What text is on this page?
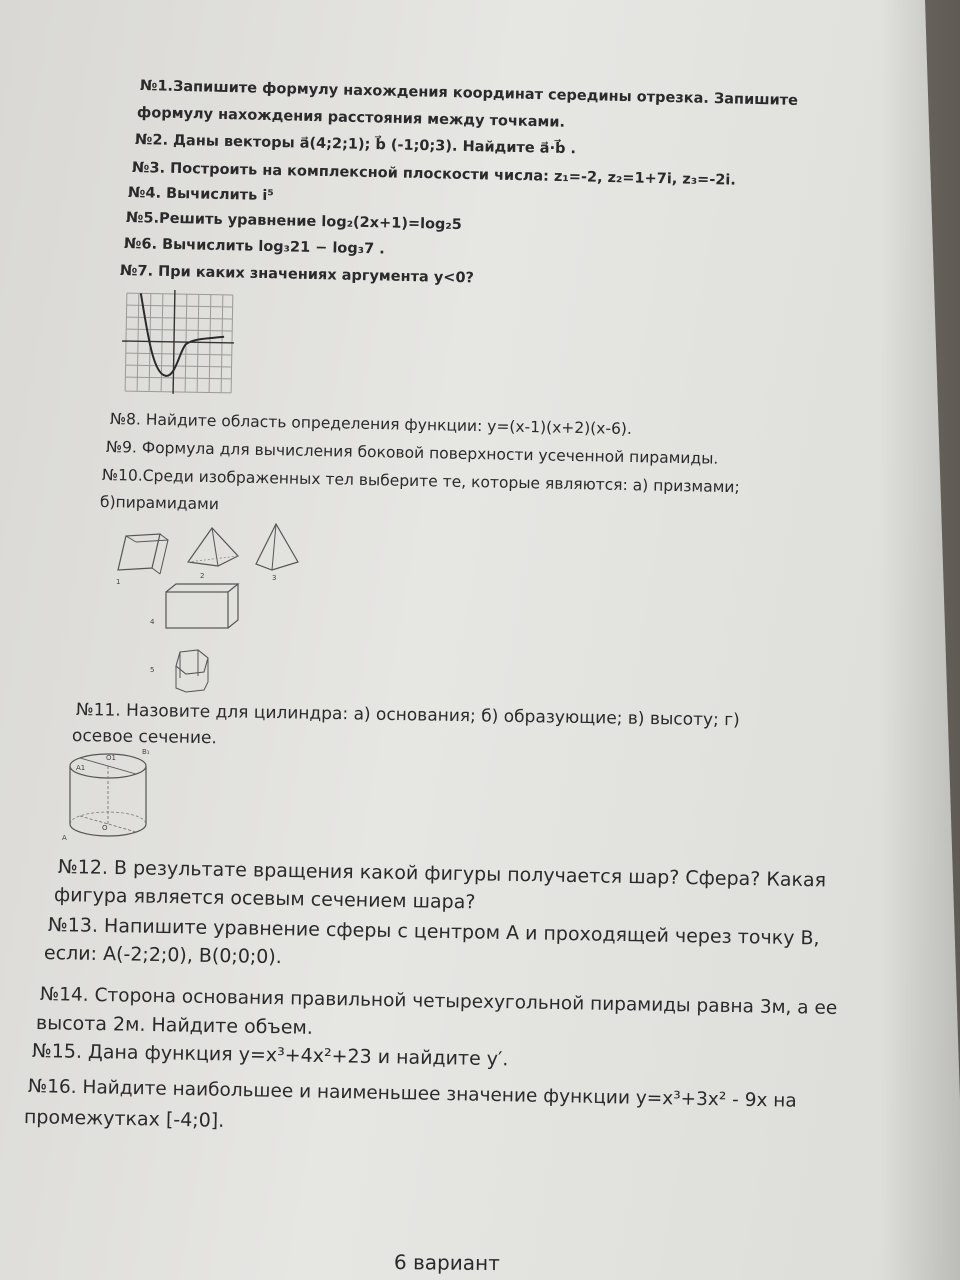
№1.Запишите формулу нахождения координат середины отрезка. Запишите
формулу нахождения расстояния между точками.
№2. Даны векторы a⃗(4;2;1); b⃗ (-1;0;3). Найдите a⃗·b⃗ .
№3. Построить на комплексной плоскости числа: z₁=-2, z₂=1+7i, z₃=-2i.
№4. Вычислить i⁵
№5.Решить уравнение log₂(2x+1)=log₂5
№6. Вычислить log₃21 − log₃7 .
№7. При каких значениях аргумента y<0?
№8. Найдите область определения функции: y=(x-1)(x+2)(x-6).
№9. Формула для вычисления боковой поверхности усеченной пирамиды.
№10.Среди изображенных тел выберите те, которые являются: а) призмами;
б)пирамидами
1
2	3
4
5
№11. Назовите для цилиндра: а) основания; б) образующие; в) высоту; г)
осевое сечение.
B₁
A1
O1
O
A
№12. В результате вращения какой фигуры получается шар? Сфера? Какая
фигура является осевым сечением шара?
№13. Напишите уравнение сферы с центром А и проходящей через точку В,
если: А(-2;2;0), В(0;0;0).
№14. Сторона основания правильной четырехугольной пирамиды равна 3м, а ее
высота 2м. Найдите объем.
№15. Дана функция y=x³+4x²+23 и найдите y′.
№16. Найдите наибольшее и наименьшее значение функции y=x³+3x² - 9x на
промежутках [-4;0].
6 вариант
